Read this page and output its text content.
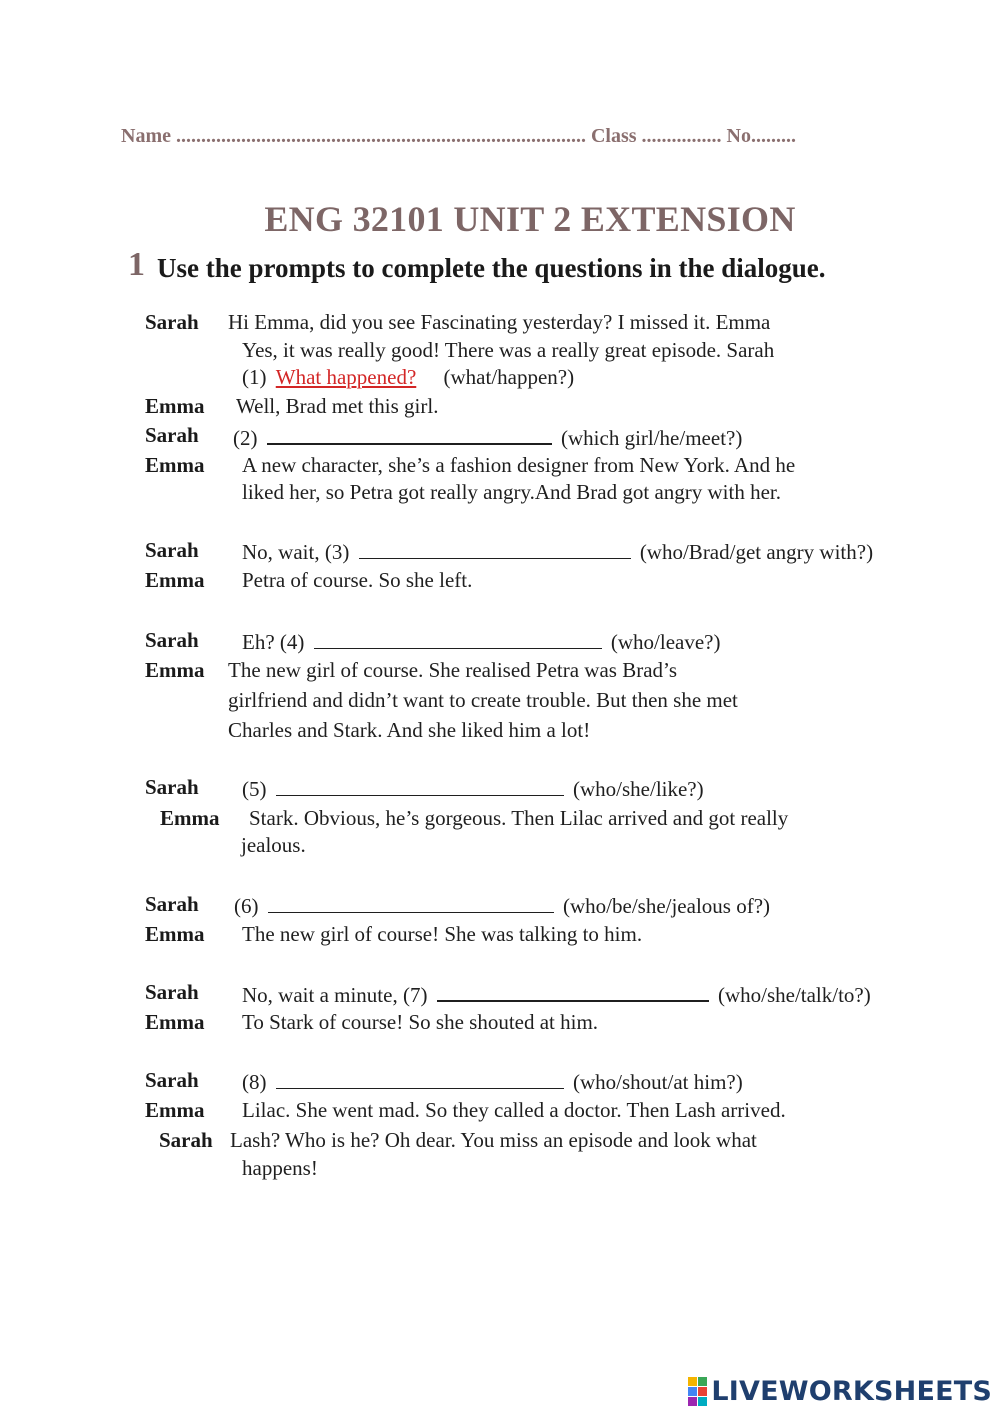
Name .................................................................................. Class ................ No.........
ENG 32101 UNIT 2 EXTENSION
1 Use the prompts to complete the questions in the dialogue.
Sarah Hi Emma, did you see Fascinating yesterday? I missed it. Emma
Yes, it was really good! There was a really great episode. Sarah
(1) What happened? (what/happen?)
Emma Well, Brad met this girl.
Sarah (2)	(which girl/he/meet?)
Emma A new character, she’s a fashion designer from New York. And he
liked her, so Petra got really angry.And Brad got angry with her.
Sarah No, wait, (3)	(who/Brad/get angry with?)
Emma Petra of course. So she left.
Sarah Eh? (4)	(who/leave?)
Emma The new girl of course. She realised Petra was Brad’s
girlfriend and didn’t want to create trouble. But then she met
Charles and Stark. And she liked him a lot!
Sarah (5)	(who/she/like?)
Emma Stark. Obvious, he’s gorgeous. Then Lilac arrived and got really
jealous.
Sarah (6)	(who/be/she/jealous of?)
Emma The new girl of course! She was talking to him.
Sarah No, wait a minute, (7)	(who/she/talk/to?)
Emma To Stark of course! So she shouted at him.
Sarah (8)	(who/shout/at him?)
Emma Lilac. She went mad. So they called a doctor. Then Lash arrived.
Sarah Lash? Who is he? Oh dear. You miss an episode and look what
happens!
LIVEWORKSHEETS
